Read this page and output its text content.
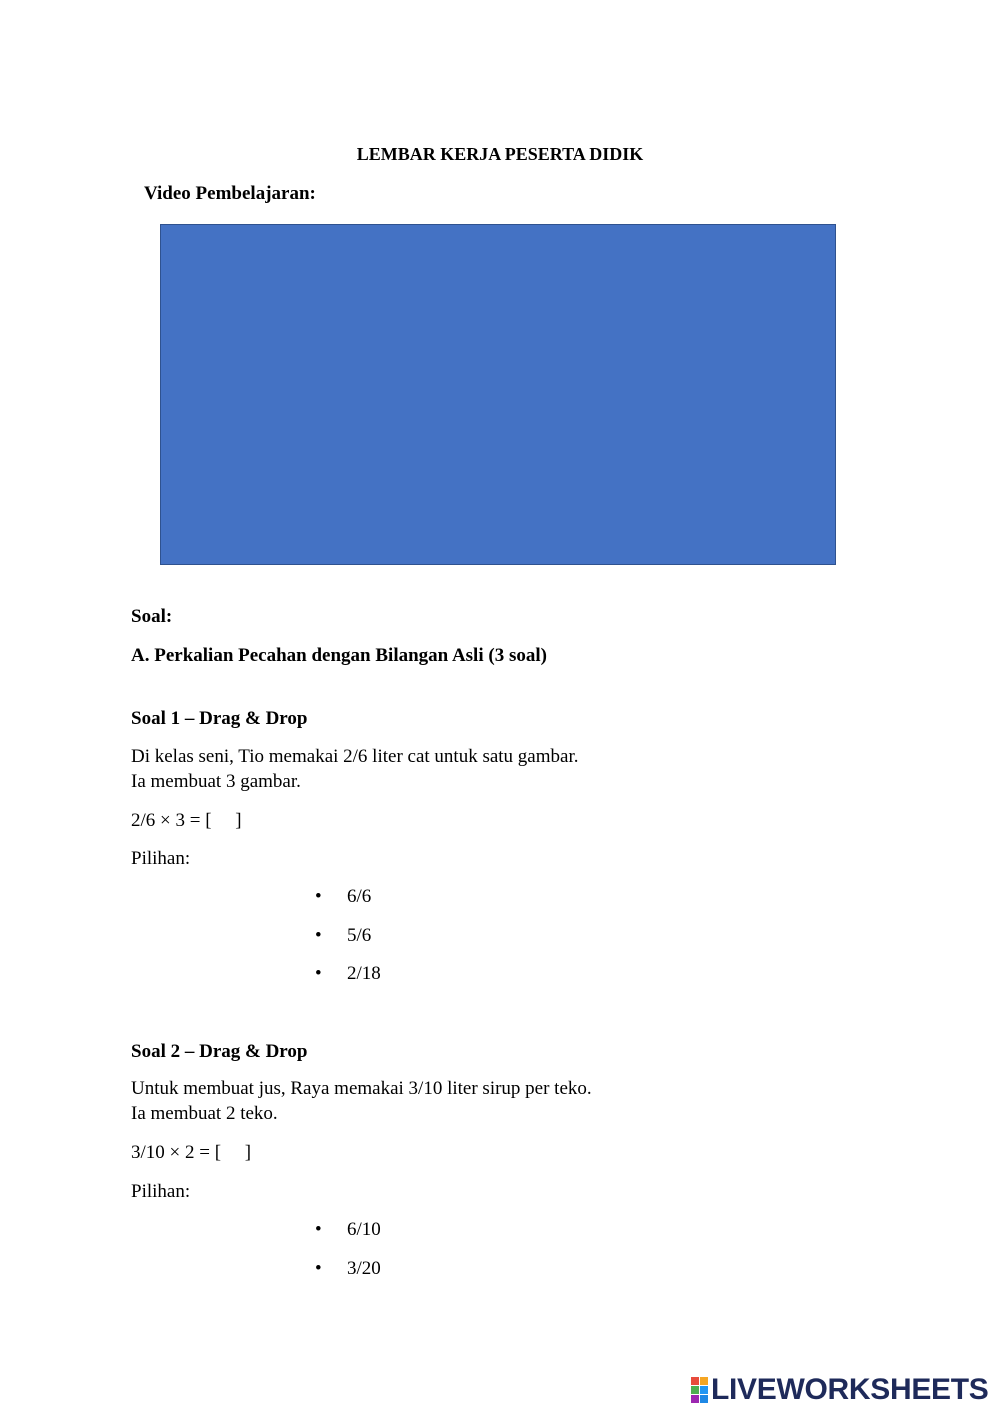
LEMBAR KERJA PESERTA DIDIK
Video Pembelajaran:
Soal:
A. Perkalian Pecahan dengan Bilangan Asli (3 soal)
Soal 1 – Drag & Drop
Di kelas seni, Tio memakai 2/6 liter cat untuk satu gambar.
Ia membuat 3 gambar.
2/6 × 3 = [     ]
Pilihan:
• 6/6
• 5/6
• 2/18
Soal 2 – Drag & Drop
Untuk membuat jus, Raya memakai 3/10 liter sirup per teko.
Ia membuat 2 teko.
3/10 × 2 = [     ]
Pilihan:
• 6/10
• 3/20
LIVEWORKSHEETS
